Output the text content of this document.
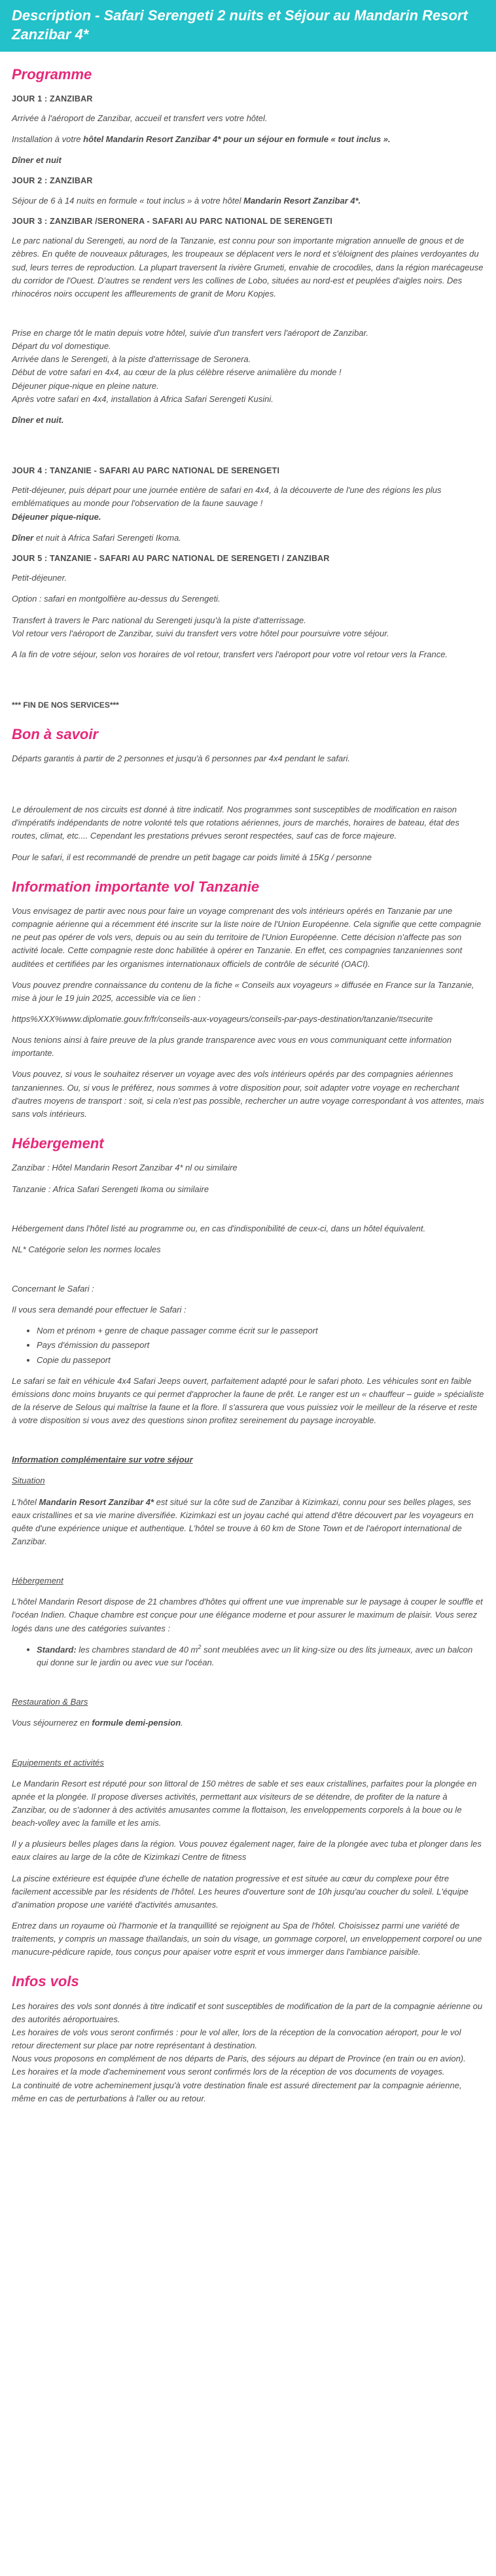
Description - Safari Serengeti 2 nuits et Séjour au Mandarin Resort Zanzibar 4*
Programme

JOUR 1 : ZANZIBAR

Arrivée à l'aéroport de Zanzibar, accueil et transfert vers votre hôtel.

Installation à votre hôtel Mandarin Resort Zanzibar 4* pour un séjour en formule « tout inclus ».

Dîner et nuit

JOUR 2 : ZANZIBAR

Séjour de 6 à 14 nuits en formule « tout inclus » à votre hôtel Mandarin Resort Zanzibar 4*.

JOUR 3 : ZANZIBAR /SERONERA - SAFARI AU PARC NATIONAL DE SERENGETI

Le parc national du Serengeti, au nord de la Tanzanie, est connu pour son importante migration annuelle de gnous et de zèbres. En quête de nouveaux pâturages, les troupeaux se déplacent vers le nord et s'éloignent des plaines verdoyantes du sud, leurs terres de reproduction. La plupart traversent la rivière Grumeti, envahie de crocodiles, dans la région marécageuse du corridor de l'Ouest. D'autres se rendent vers les collines de Lobo, situées au nord-est et peuplées d'aigles noirs. Des rhinocéros noirs occupent les affleurements de granit de Moru Kopjes.

Prise en charge tôt le matin depuis votre hôtel, suivie d'un transfert vers l'aéroport de Zanzibar.
Départ du vol domestique.
Arrivée dans le Serengeti, à la piste d'atterrissage de Seronera.
Début de votre safari en 4x4, au cœur de la plus célèbre réserve animalière du monde !
Déjeuner pique-nique en pleine nature.
Après votre safari en 4x4, installation à Africa Safari Serengeti Kusini.

Dîner et nuit.

JOUR 4 : TANZANIE - SAFARI AU PARC NATIONAL DE SERENGETI

Petit-déjeuner, puis départ pour une journée entière de safari en 4x4, à la découverte de l'une des régions les plus emblématiques au monde pour l'observation de la faune sauvage !
Déjeuner pique-nique.

Dîner et nuit à Africa Safari Serengeti Ikoma.

JOUR 5 : TANZANIE - SAFARI AU PARC NATIONAL DE SERENGETI / ZANZIBAR

Petit-déjeuner.

Option : safari en montgolfière au-dessus du Serengeti.

Transfert à travers le Parc national du Serengeti jusqu'à la piste d'atterrissage.
Vol retour vers l'aéroport de Zanzibar, suivi du transfert vers votre hôtel pour poursuivre votre séjour.

A la fin de votre séjour, selon vos horaires de vol retour, transfert vers l'aéroport pour votre vol retour vers la France.

*** FIN DE NOS SERVICES***

Bon à savoir

Départs garantis à partir de 2 personnes et jusqu'à 6 personnes par 4x4 pendant le safari.

Le déroulement de nos circuits est donné à titre indicatif. Nos programmes sont susceptibles de modification en raison d'impératifs indépendants de notre volonté tels que rotations aériennes, jours de marchés, horaires de bateau, état des routes, climat, etc.... Cependant les prestations prévues seront respectées, sauf cas de force majeure.

Pour le safari, il est recommandé de prendre un petit bagage car poids limité à 15Kg / personne

Information importante vol Tanzanie

Vous envisagez de partir avec nous pour faire un voyage comprenant des vols intérieurs opérés en Tanzanie par une compagnie aérienne qui a récemment été inscrite sur la liste noire de l'Union Européenne. Cela signifie que cette compagnie ne peut pas opérer de vols vers, depuis ou au sein du territoire de l'Union Européenne. Cette décision n'affecte pas son activité locale. Cette compagnie reste donc habilitée à opérer en Tanzanie. En effet, ces compagnies tanzaniennes sont auditées et certifiées par les organismes internationaux officiels de contrôle de sécurité (OACI).

Vous pouvez prendre connaissance du contenu de la fiche « Conseils aux voyageurs » diffusée en France sur la Tanzanie, mise à jour le 19 juin 2025, accessible via ce lien :

https%XXX%www.diplomatie.gouv.fr/fr/conseils-aux-voyageurs/conseils-par-pays-destination/tanzanie/#securite

Nous tenions ainsi à faire preuve de la plus grande transparence avec vous en vous communiquant cette information importante.

Vous pouvez, si vous le souhaitez réserver un voyage avec des vols intérieurs opérés par des compagnies aériennes tanzaniennes. Ou, si vous le préférez, nous sommes à votre disposition pour, soit adapter votre voyage en recherchant d'autres moyens de transport : soit, si cela n'est pas possible, rechercher un autre voyage correspondant à vos attentes, mais sans vols intérieurs.

Hébergement

Zanzibar : Hôtel Mandarin Resort Zanzibar 4* nl ou similaire

Tanzanie : Africa Safari Serengeti Ikoma ou similaire

Hébergement dans l'hôtel listé au programme ou, en cas d'indisponibilité de ceux-ci, dans un hôtel équivalent.

NL* Catégorie selon les normes locales

Concernant le Safari :

Il vous sera demandé pour effectuer le Safari :

• Nom et prénom + genre de chaque passager comme écrit sur le passeport
• Pays d'émission du passeport
• Copie du passeport

Le safari se fait en véhicule 4x4 Safari Jeeps ouvert, parfaitement adapté pour le safari photo. Les véhicules sont en faible émissions donc moins bruyants ce qui permet d'approcher la faune de prêt. Le ranger est un « chauffeur – guide » spécialiste de la réserve de Selous qui maîtrise la faune et la flore. Il s'assurera que vous puissiez voir le meilleur de la réserve et reste à votre disposition si vous avez des questions sinon profitez sereinement du paysage incroyable.

Information complémentaire sur votre séjour

Situation

L'hôtel Mandarin Resort Zanzibar 4* est situé sur la côte sud de Zanzibar à Kizimkazi, connu pour ses belles plages, ses eaux cristallines et sa vie marine diversifiée. Kizimkazi est un joyau caché qui attend d'être découvert par les voyageurs en quête d'une expérience unique et authentique. L'hôtel se trouve à 60 km de Stone Town et de l'aéroport international de Zanzibar.

Hébergement

L'hôtel Mandarin Resort dispose de 21 chambres d'hôtes qui offrent une vue imprenable sur le paysage à couper le souffle et l'océan Indien. Chaque chambre est conçue pour une élégance moderne et pour assurer le maximum de plaisir. Vous serez logés dans une des catégories suivantes :

• Standard: les chambres standard de 40 $m^2$ sont meublées avec un lit king-size ou des lits jumeaux, avec un balcon qui donne sur le jardin ou avec vue sur l'océan.

Restauration & Bars

Vous séjournerez en formule demi-pension.

Equipements et activités

Le Mandarin Resort est réputé pour son littoral de 150 mètres de sable et ses eaux cristallines, parfaites pour la plongée en apnée et la plongée. Il propose diverses activités, permettant aux visiteurs de se détendre, de profiter de la nature à Zanzibar, ou de s'adonner à des activités amusantes comme la flottaison, les enveloppements corporels à la boue ou le beach-volley avec la famille et les amis.

Il y a plusieurs belles plages dans la région. Vous pouvez également nager, faire de la plongée avec tuba et plonger dans les eaux claires au large de la côte de Kizimkazi Centre de fitness

La piscine extérieure est équipée d'une échelle de natation progressive et est située au cœur du complexe pour être facilement accessible par les résidents de l'hôtel. Les heures d'ouverture sont de 10h jusqu'au coucher du soleil. L'équipe d'animation propose une variété d'activités amusantes.

Entrez dans un royaume où l'harmonie et la tranquillité se rejoignent au Spa de l'hôtel. Choisissez parmi une variété de traitements, y compris un massage thaïlandais, un soin du visage, un gommage corporel, un enveloppement corporel ou une manucure-pédicure rapide, tous conçus pour apaiser votre esprit et vous immerger dans l'ambiance paisible.

Infos vols

Les horaires des vols sont donnés à titre indicatif et sont susceptibles de modification de la part de la compagnie aérienne ou des autorités aéroportuaires.
Les horaires de vols vous seront confirmés : pour le vol aller, lors de la réception de la convocation aéroport, pour le vol retour directement sur place par notre représentant à destination.
Nous vous proposons en complément de nos départs de Paris, des séjours au départ de Province (en train ou en avion).
Les horaires et la mode d'acheminement vous seront confirmés lors de la réception de vos documents de voyages.
La continuité de votre acheminement jusqu'à votre destination finale est assuré directement par la compagnie aérienne, même en cas de perturbations à l'aller ou au retour.
